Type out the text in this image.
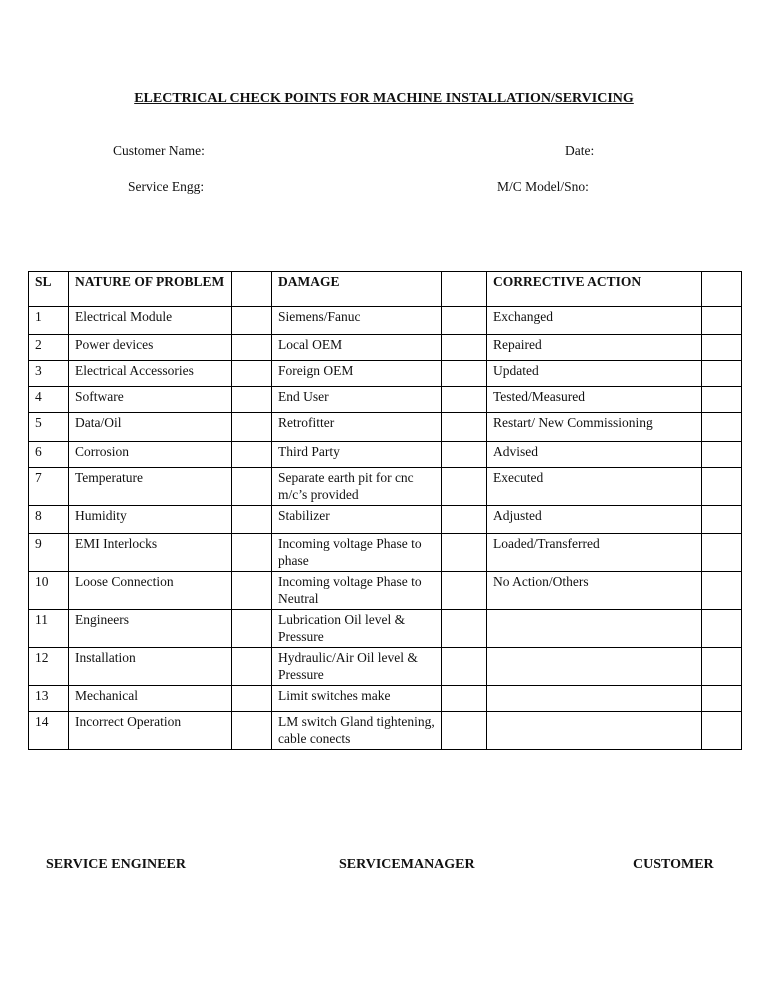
ELECTRICAL CHECK POINTS FOR MACHINE INSTALLATION/SERVICING
Customer Name:	Date:
Service Engg:	M/C Model/Sno:
SL	NATURE OF PROBLEM		DAMAGE		CORRECTIVE ACTION	
1	Electrical Module		Siemens/Fanuc		Exchanged	
2	Power devices		Local OEM		Repaired	
3	Electrical Accessories		Foreign OEM		Updated	
4	Software		End User		Tested/Measured	
5	Data/Oil		Retrofitter		Restart/ New Commissioning	
6	Corrosion		Third Party		Advised	
7	Temperature		Separate earth pit for cnc m/c’s provided		Executed	
8	Humidity		Stabilizer		Adjusted	
9	EMI Interlocks		Incoming voltage Phase to phase		Loaded/Transferred	
10	Loose Connection		Incoming voltage Phase to Neutral		No Action/Others	
11	Engineers		Lubrication Oil level & Pressure			
12	Installation		Hydraulic/Air Oil level & Pressure			
13	Mechanical		Limit switches make			
14	Incorrect Operation		LM switch Gland tightening, cable conects			
SERVICE ENGINEER	SERVICEMANAGER	CUSTOMER
